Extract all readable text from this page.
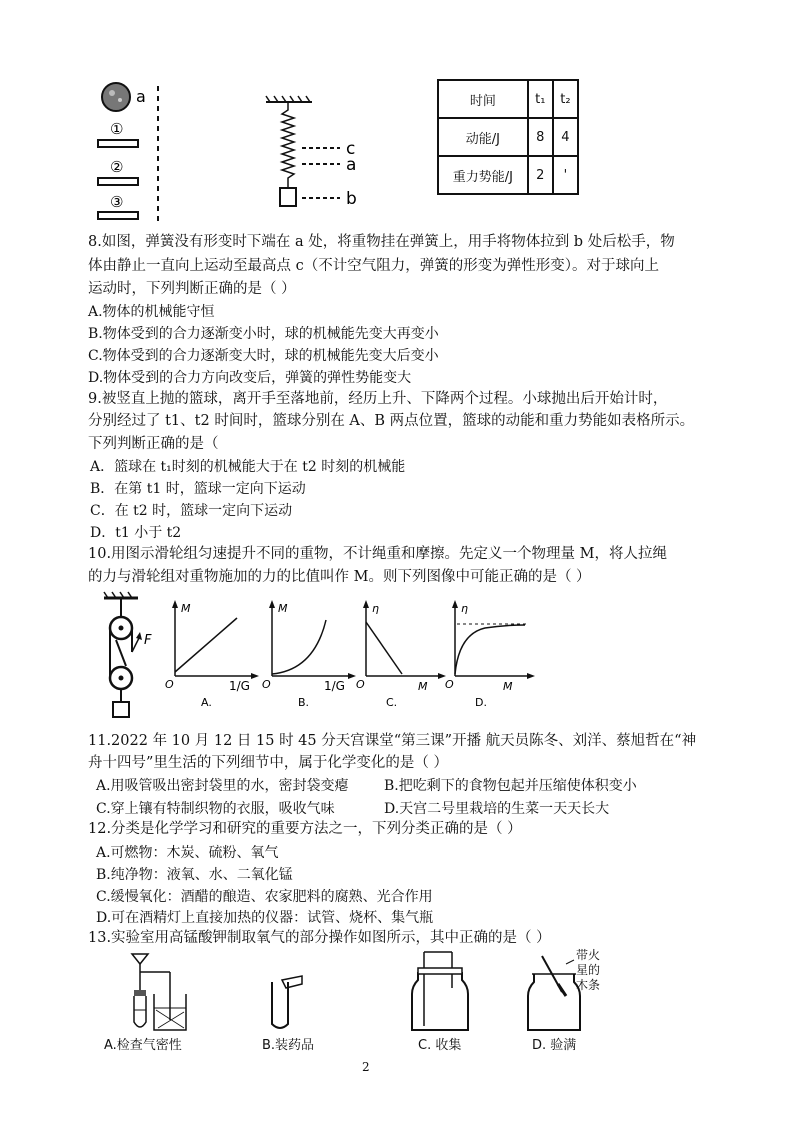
a
①
②
③
c
a
b
时间	t₁	t₂
动能/J	8	4
重力势能/J	2	'
8.如图，弹簧没有形变时下端在 a 处，将重物挂在弹簧上，用手将物体拉到 b 处后松手，物
体由静止一直向上运动至最高点 c（不计空气阻力，弹簧的形变为弹性形变）。对于球向上
运动时，下列判断正确的是（ ）
A.物体的机械能守恒
B.物体受到的合力逐渐变小时，球的机械能先变大再变小
C.物体受到的合力逐渐变大时，球的机械能先变大后变小
D.物体受到的合力方向改变后，弹簧的弹性势能变大
9.被竖直上抛的篮球，离开手至落地前，经历上升、下降两个过程。小球抛出后开始计时，
分别经过了 t1、t2 时间时，篮球分别在 A、B 两点位置，篮球的动能和重力势能如表格所示。
下列判断正确的是（
A．篮球在 t₁时刻的机械能大于在 t2 时刻的机械能
B．在第 t1 时，篮球一定向下运动
C．在 t2 时，篮球一定向下运动
D．t1 小于 t2
10.用图示滑轮组匀速提升不同的重物，不计绳重和摩擦。先定义一个物理量 M，将人拉绳
的力与滑轮组对重物施加的力的比值叫作 M。则下列图像中可能正确的是（ ）
F
M
O	1/G
A.
M
O	1/G
B.
η
O	M
C.
η
O	M
D.
11.2022 年 10 月 12 日 15 时 45 分天宫课堂“第三课”开播 航天员陈冬、刘洋、蔡旭哲在“神
舟十四号”里生活的下列细节中，属于化学变化的是（ ）
A.用吸管吸出密封袋里的水，密封袋变瘪	B.把吃剩下的食物包起并压缩使体积变小
C.穿上镶有特制织物的衣服，吸收气味	D.天宫二号里栽培的生菜一天天长大
12.分类是化学学习和研究的重要方法之一，下列分类正确的是（ ）
A.可燃物：木炭、硫粉、氧气
B.纯净物：液氧、水、二氧化锰
C.缓慢氧化：酒醋的酿造、农家肥料的腐熟、光合作用
D.可在酒精灯上直接加热的仪器：试管、烧杯、集气瓶
13.实验室用高锰酸钾制取氧气的部分操作如图所示，其中正确的是（ ）
A.检查气密性	B.装药品	C. 收集
带火
星的
木条
D. 验满
2
